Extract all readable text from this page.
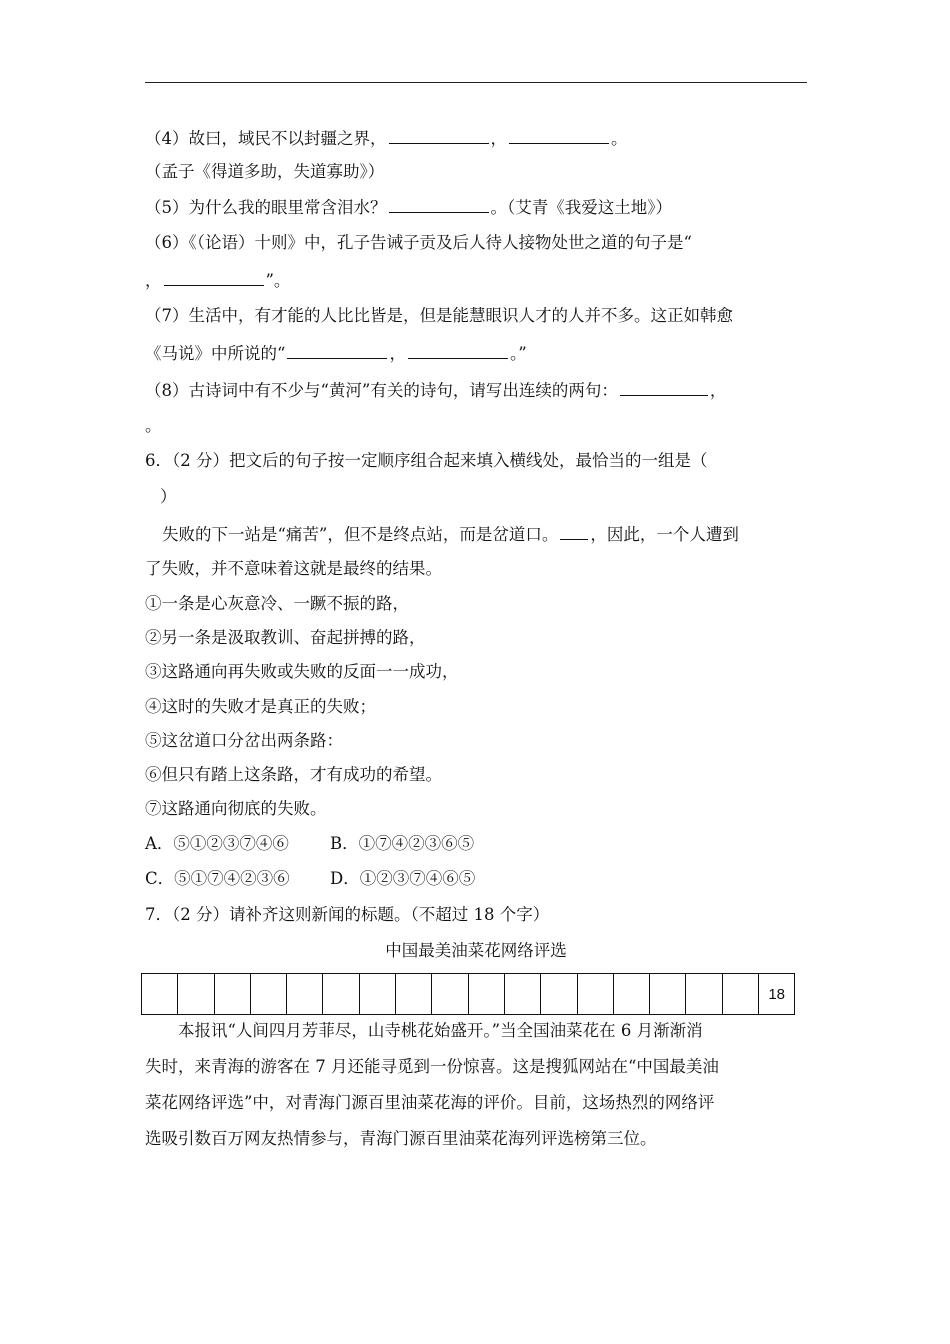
（4）故曰，域民不以封疆之界，	，	。
（孟子《得道多助，失道寡助》）
（5）为什么我的眼里常含泪水？	。（艾青《我爱这土地》）
（6）《（论语）十则》中，孔子告诫子贡及后人待人接物处世之道的句子是“
，	”。
（7）生活中，有才能的人比比皆是，但是能慧眼识人才的人并不多。这正如韩愈
《马说》中所说的“	，	。”
（8）古诗词中有不少与“黄河”有关的诗句，请写出连续的两句：	，
。
6．（2 分）把文后的句子按一定顺序组合起来填入横线处，最恰当的一组是（
）
失败的下一站是“痛苦”，但不是终点站，而是岔道口。 ，因此，一个人遭到
了失败，并不意味着这就是最终的结果。
①一条是心灰意冷、一蹶不振的路，
②另一条是汲取教训、奋起拼搏的路，
③这路通向再失败或失败的反面一一成功，
④这时的失败才是真正的失败；
⑤这岔道口分岔出两条路：
⑥但只有踏上这条路，才有成功的希望。
⑦这路通向彻底的失败。
A．⑤①②③⑦④⑥ B．①⑦④②③⑥⑤
C．⑤①⑦④②③⑥ D．①②③⑦④⑥⑤
7．（2 分）请补齐这则新闻的标题。（不超过 18 个字）
中国最美油菜花网络评选
																	18
本报讯“人间四月芳菲尽，山寺桃花始盛开。”当全国油菜花在 6 月渐渐消
失时，来青海的游客在 7 月还能寻觅到一份惊喜。这是搜狐网站在“中国最美油
菜花网络评选”中，对青海门源百里油菜花海的评价。目前，这场热烈的网络评
选吸引数百万网友热情参与，青海门源百里油菜花海列评选榜第三位。
